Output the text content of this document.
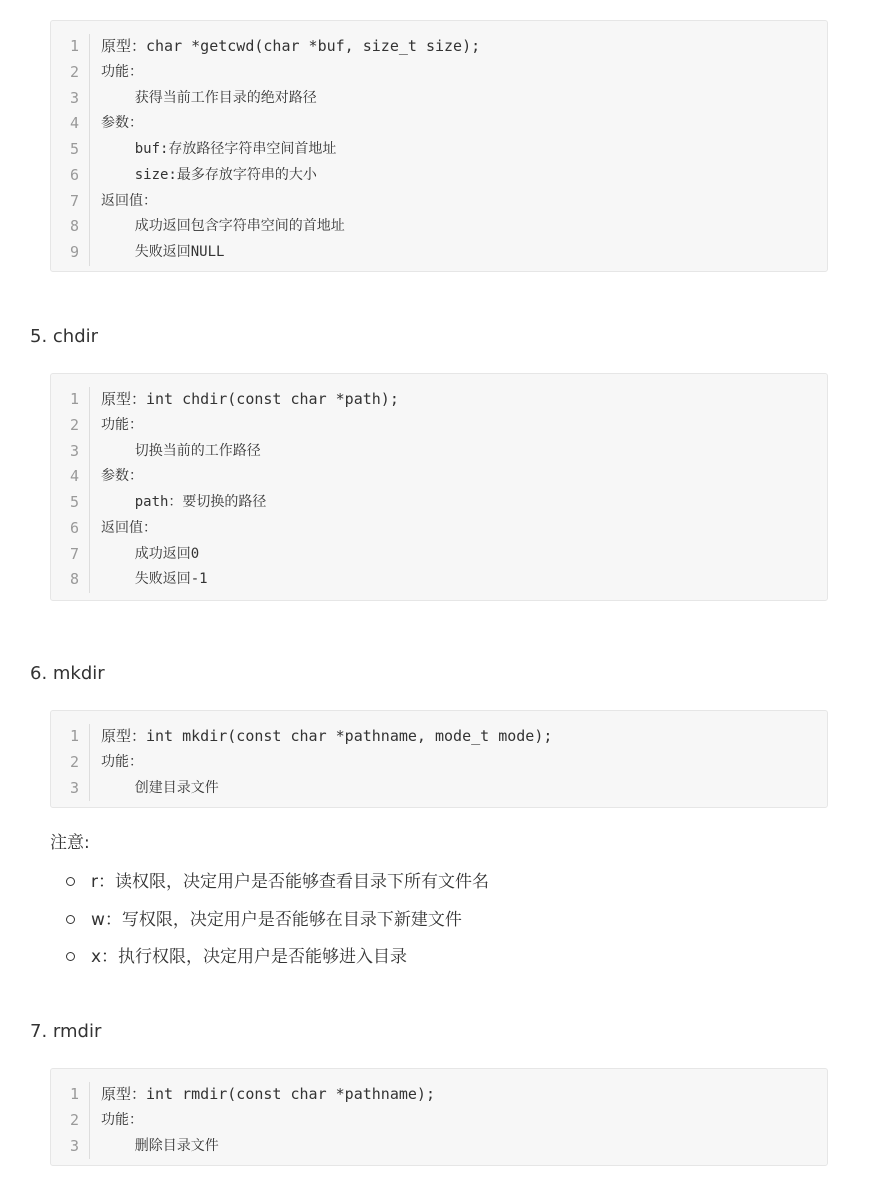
1
2
3
4
5
6
7
8
9
原型：char *getcwd(char *buf, size_t size);
功能：
获得当前工作目录的绝对路径
参数：
buf:存放路径字符串空间首地址
size:最多存放字符串的大小
返回值：
成功返回包含字符串空间的首地址
失败返回NULL
5. chdir
1
2
3
4
5
6
7
8
原型：int chdir(const char *path);
功能：
切换当前的工作路径
参数：
path：要切换的路径
返回值：
成功返回0
失败返回-1
6. mkdir
1
2
3
原型：int mkdir(const char *pathname, mode_t mode);
功能：
创建目录文件
注意:
r：读权限，决定用户是否能够查看目录下所有文件名
w：写权限，决定用户是否能够在目录下新建文件
x：执行权限，决定用户是否能够进入目录
7. rmdir
1
2
3
原型：int rmdir(const char *pathname);
功能：
删除目录文件
